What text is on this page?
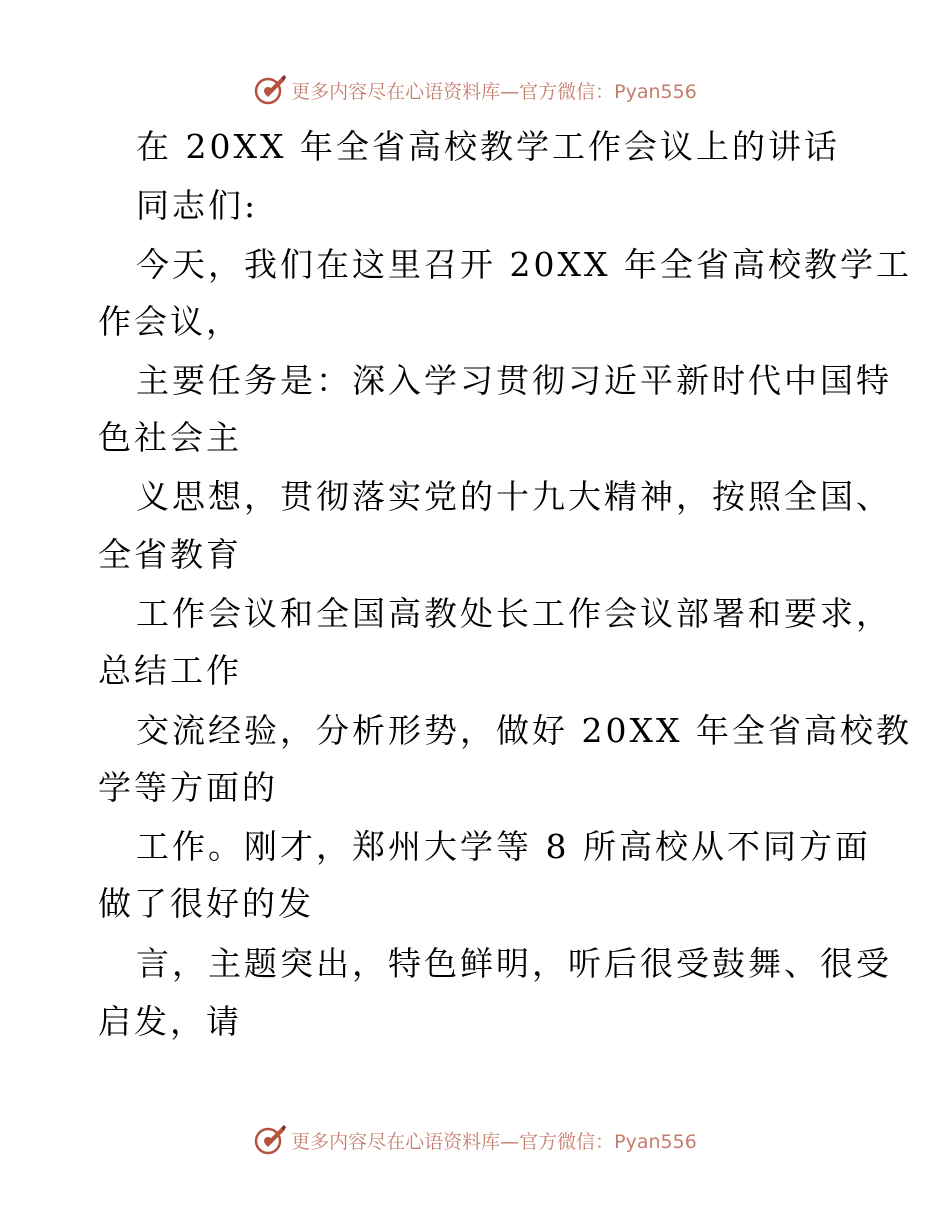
更多内容尽在心语资料库—官方微信：Pyan556
在 20XX 年全省高校教学工作会议上的讲话
同志们:
今天，我们在这里召开 20XX 年全省高校教学工
作会议，
主要任务是：深入学习贯彻习近平新时代中国特
色社会主
义思想，贯彻落实党的十九大精神，按照全国、
全省教育
工作会议和全国高教处长工作会议部署和要求，
总结工作
交流经验，分析形势，做好 20XX 年全省高校教
学等方面的
工作。刚才，郑州大学等 8 所高校从不同方面
做了很好的发
言，主题突出，特色鲜明，听后很受鼓舞、很受
启发，请
更多内容尽在心语资料库—官方微信：Pyan556
